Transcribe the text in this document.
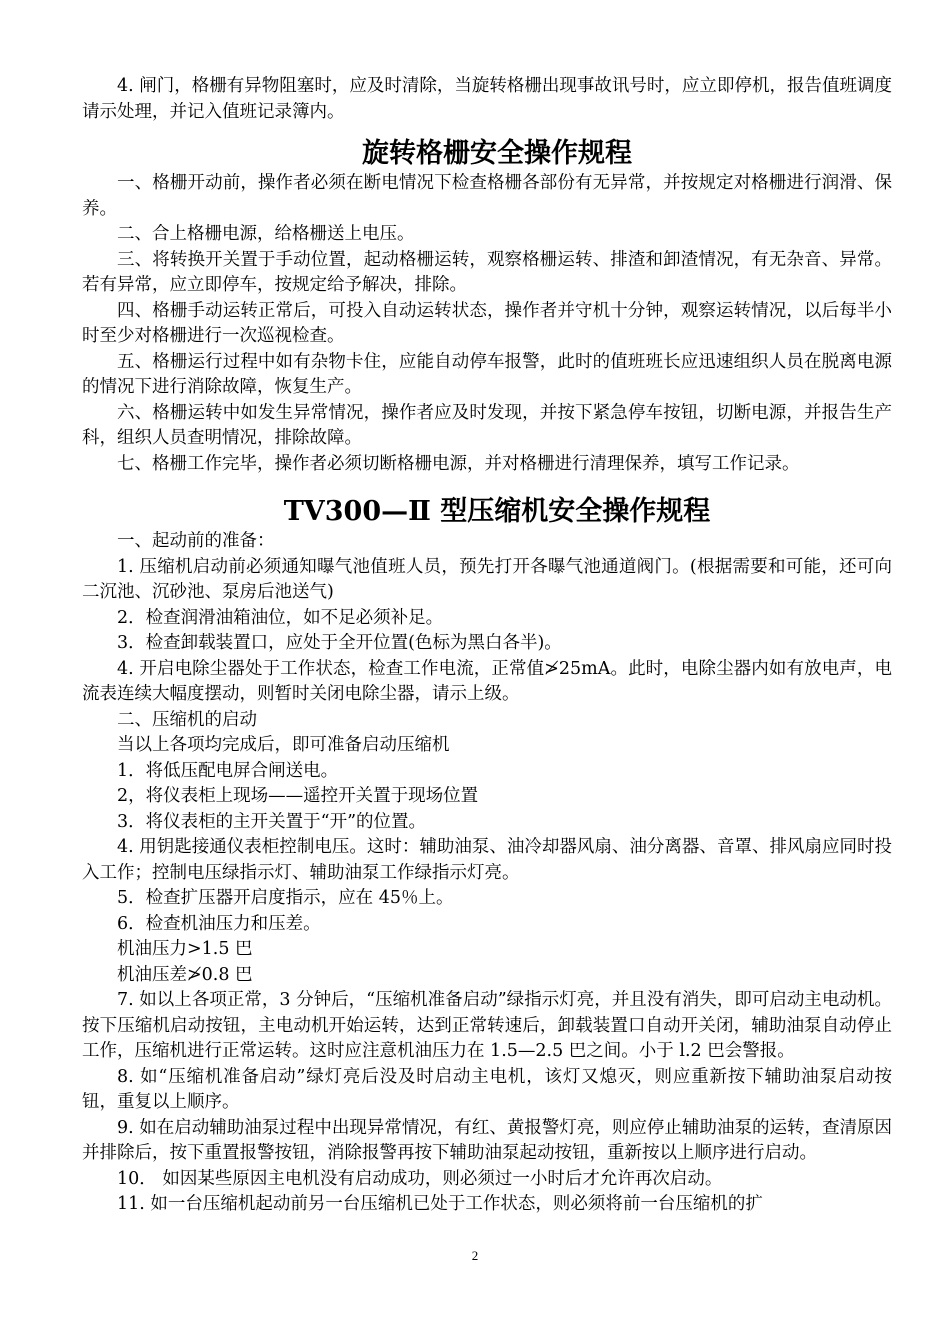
4. 闸门，格栅有异物阻塞时，应及时清除，当旋转格栅出现事故讯号时，应立即停机，报告值班调度请示处理，并记入值班记录簿内。

旋转格栅安全操作规程

一、格栅开动前，操作者必须在断电情况下检查格栅各部份有无异常，并按规定对格栅进行润滑、保养。

二、合上格栅电源，给格栅送上电压。

三、将转换开关置于手动位置，起动格栅运转，观察格栅运转、排渣和卸渣情况，有无杂音、异常。若有异常，应立即停车，按规定给予解决，排除。

四、格栅手动运转正常后，可投入自动运转状态，操作者并守机十分钟，观察运转情况，以后每半小时至少对格栅进行一次巡视检查。

五、格栅运行过程中如有杂物卡住，应能自动停车报警，此时的值班班长应迅速组织人员在脱离电源的情况下进行消除故障，恢复生产。

六、格栅运转中如发生异常情况，操作者应及时发现，并按下紧急停车按钮，切断电源，并报告生产科，组织人员查明情况，排除故障。

七、格栅工作完毕，操作者必须切断格栅电源，并对格栅进行清理保养，填写工作记录。

TV300—Ⅱ 型压缩机安全操作规程

一、起动前的准备：

1. 压缩机启动前必须通知曝气池值班人员，预先打开各曝气池通道阀门。(根据需要和可能，还可向二沉池、沉砂池、泵房后池送气)

2．检查润滑油箱油位，如不足必须补足。

3．检查卸载装置口，应处于全开位置(色标为黑白各半)。

4. 开启电除尘器处于工作状态，检查工作电流，正常值≯25mA。此时，电除尘器内如有放电声，电流表连续大幅度摆动，则暂时关闭电除尘器，请示上级。

二、压缩机的启动

当以上各项均完成后，即可准备启动压缩机

1．将低压配电屏合闸送电。

2，将仪表柜上现场——遥控开关置于现场位置

3．将仪表柜的主开关置于“开”的位置。

4. 用钥匙接通仪表柜控制电压。这时：辅助油泵、油冷却器风扇、油分离器、音罩、排风扇应同时投入工作；控制电压绿指示灯、辅助油泵工作绿指示灯亮。

5．检查扩压器开启度指示，应在 45％上。

6．检查机油压力和压差。

机油压力>1.5 巴

机油压差≯0.8 巴

7. 如以上各项正常，3 分钟后，“压缩机准备启动”绿指示灯亮，并且没有消失，即可启动主电动机。按下压缩机启动按钮，主电动机开始运转，达到正常转速后，卸载装置口自动开关闭，辅助油泵自动停止工作，压缩机进行正常运转。这时应注意机油压力在 1.5—2.5 巴之间。小于 l.2 巴会警报。

8. 如“压缩机准备启动”绿灯亮后没及时启动主电机，该灯又熄灭，则应重新按下辅助油泵启动按钮，重复以上顺序。

9. 如在启动辅助油泵过程中出现异常情况，有红、黄报警灯亮，则应停止辅助油泵的运转，查清原因并排除后，按下重置报警按钮，消除报警再按下辅助油泵起动按钮，重新按以上顺序进行启动。

10． 如因某些原因主电机没有启动成功，则必须过一小时后才允许再次启动。

11. 如一台压缩机起动前另一台压缩机已处于工作状态，则必须将前一台压缩机的扩

2
